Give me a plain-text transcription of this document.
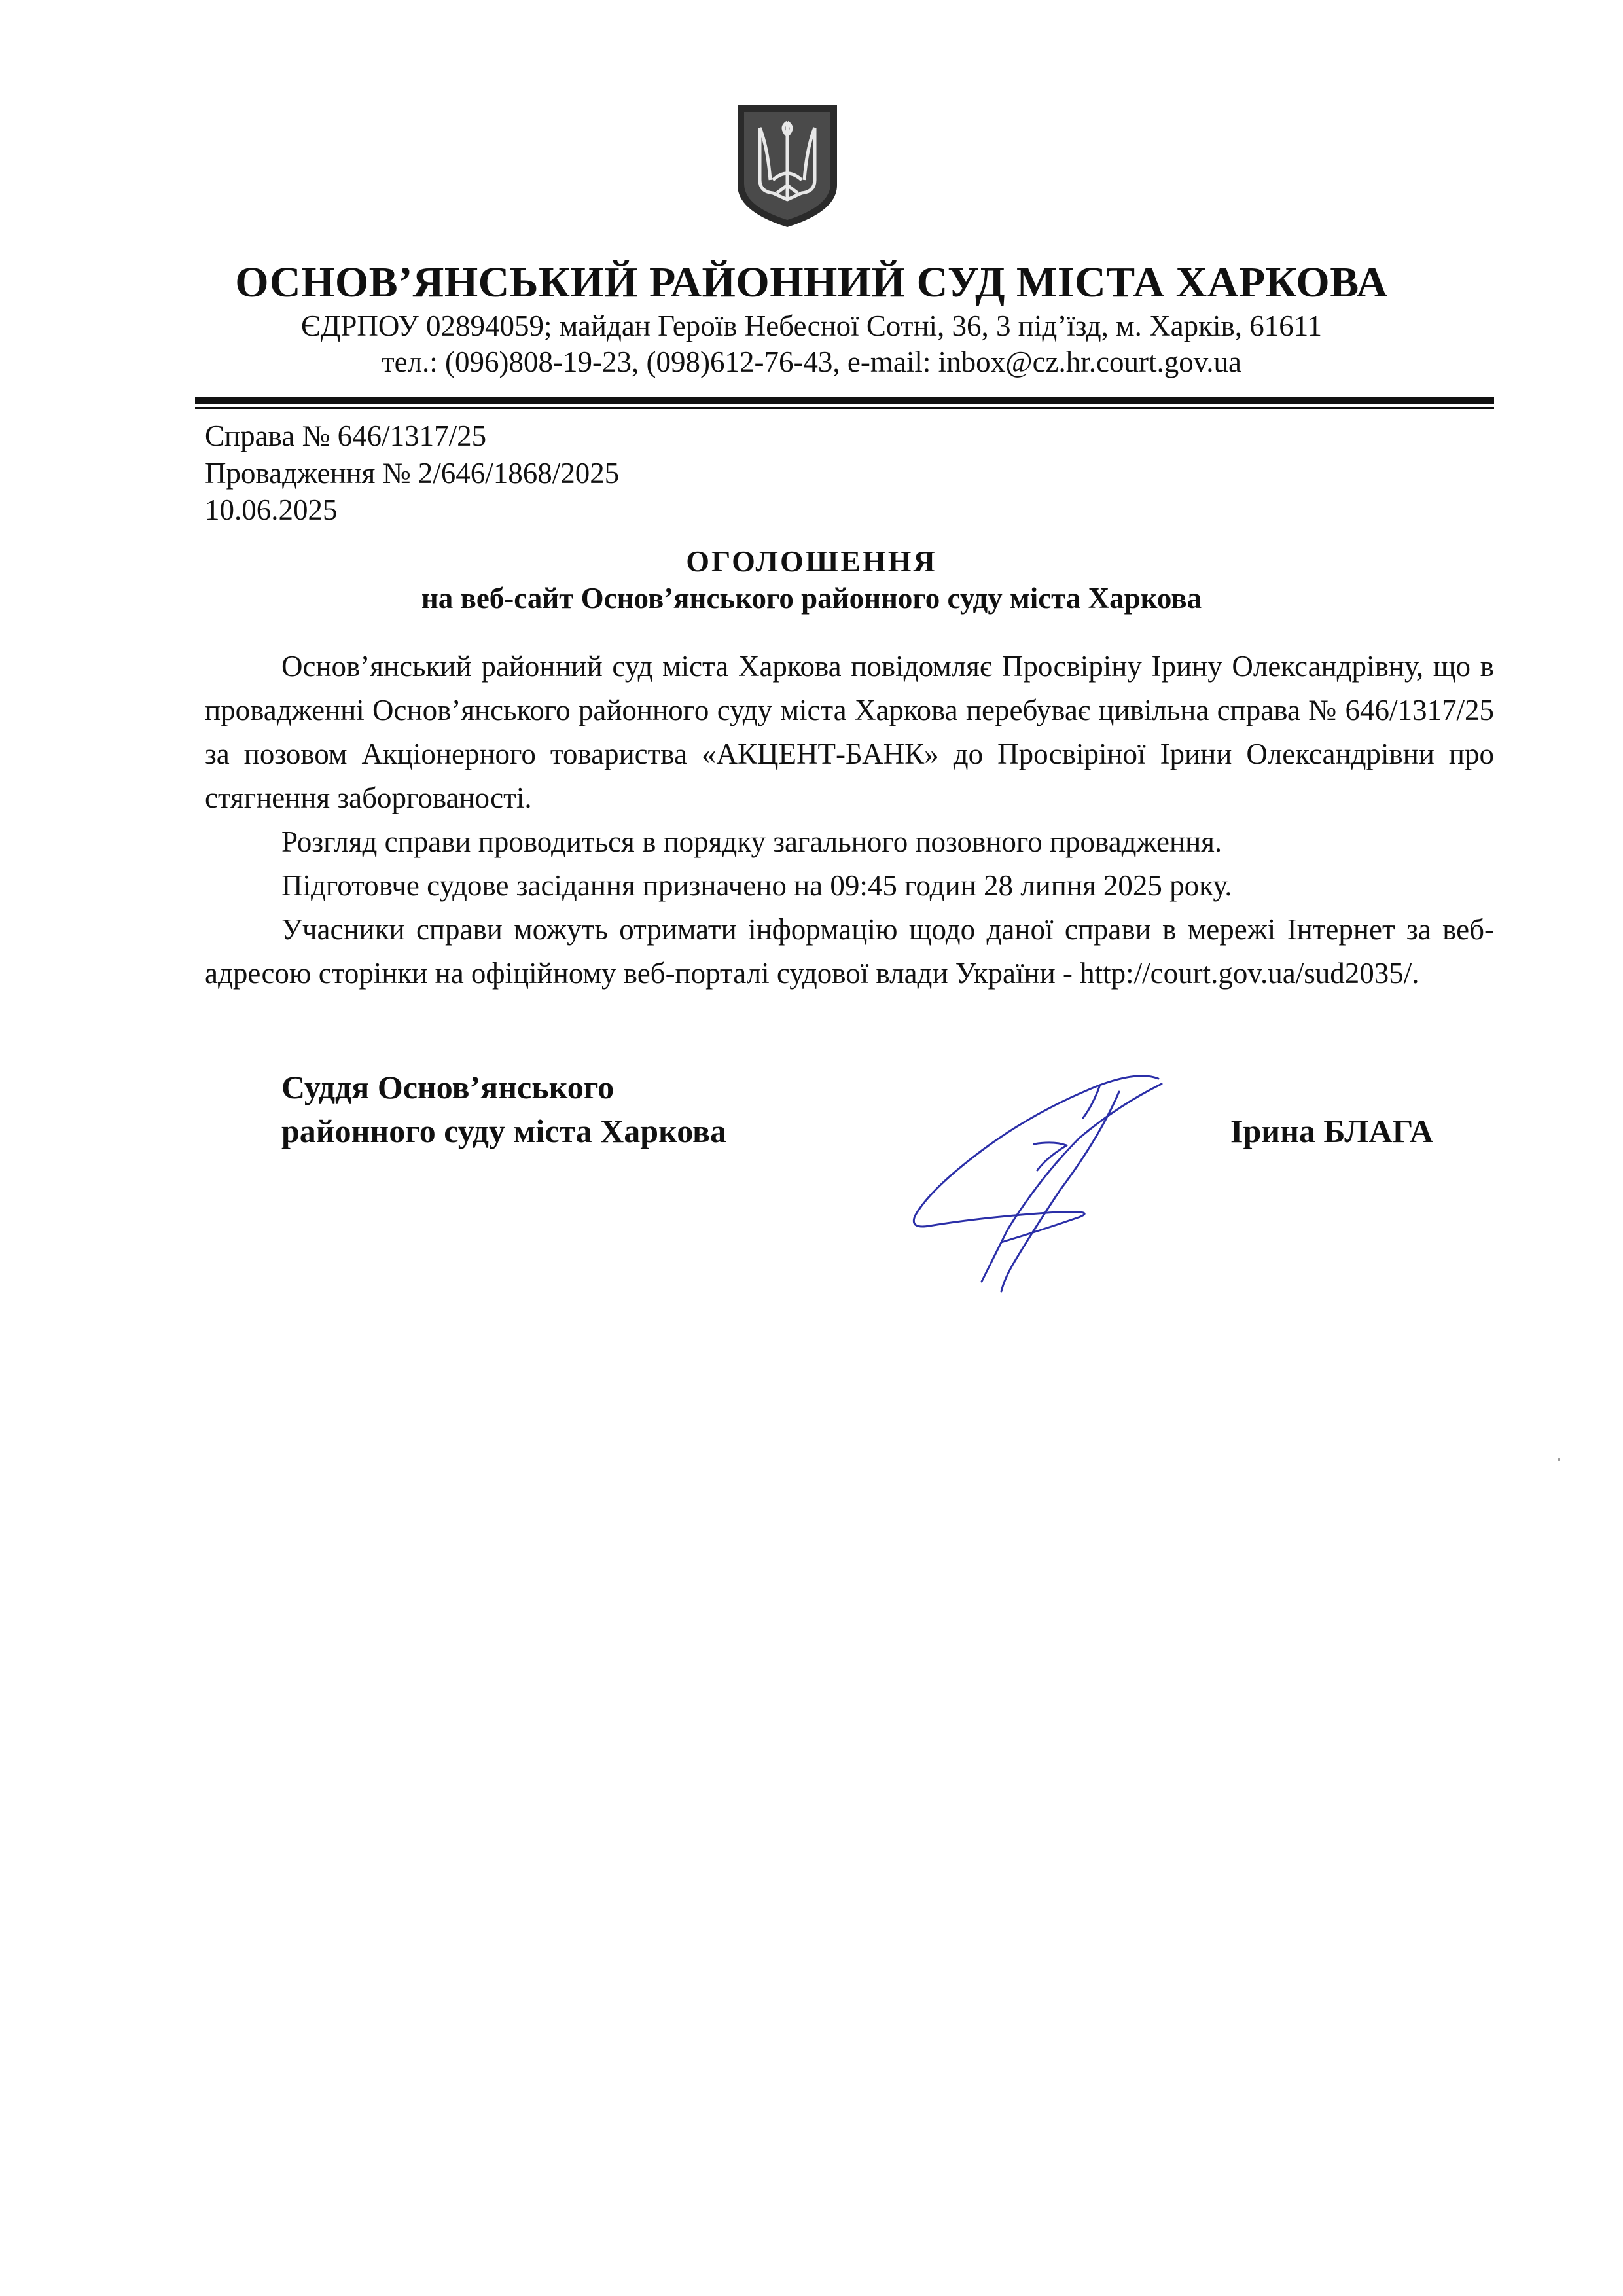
ОСНОВ’ЯНСЬКИЙ РАЙОННИЙ СУД МІСТА ХАРКОВА
ЄДРПОУ 02894059; майдан Героїв Небесної Сотні, 36, 3 під’їзд, м. Харків, 61611
тел.: (096)808-19-23, (098)612-76-43, e-mail: inbox@cz.hr.court.gov.ua
Справа № 646/1317/25
Провадження № 2/646/1868/2025
10.06.2025
ОГОЛОШЕННЯ
на веб-сайт Основ’янського районного суду міста Харкова

Основ’янський районний суд міста Харкова повідомляє Просвіріну Ірину Олександрівну, що в провадженні Основ’янського районного суду міста Харкова перебуває цивільна справа № 646/1317/25 за позовом Акціонерного товариства «АКЦЕНТ-БАНК» до Просвіріної Ірини Олександрівни про стягнення заборгованості.

Розгляд справи проводиться в порядку загального позовного провадження.

Підготовче судове засідання призначено на 09:45 годин 28 липня 2025 року.

Учасники справи можуть отримати інформацію щодо даної справи в мережі Інтернет за веб-адресою сторінки на офіційному веб-порталі судової влади України - http://court.gov.ua/sud2035/.

Суддя Основ’янського
районного суду міста Харкова	Ірина БЛАГА
